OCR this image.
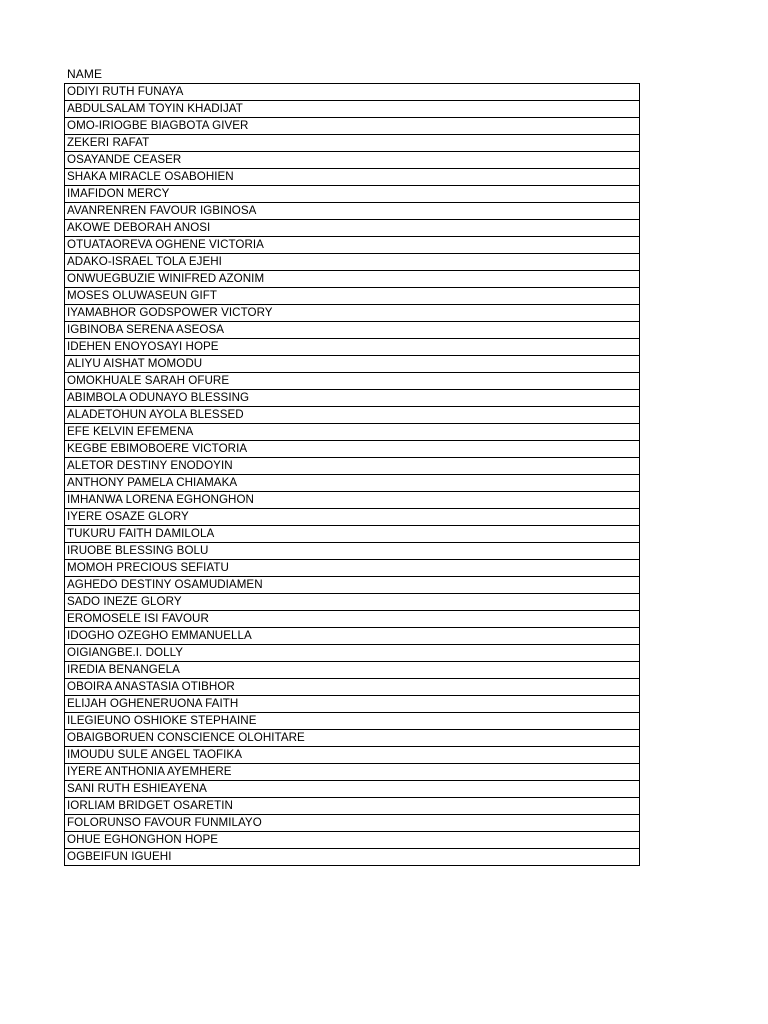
NAME
ODIYI RUTH FUNAYA
ABDULSALAM TOYIN KHADIJAT
OMO-IRIOGBE BIAGBOTA GIVER
ZEKERI RAFAT
OSAYANDE CEASER
SHAKA MIRACLE OSABOHIEN
IMAFIDON MERCY
AVANRENREN FAVOUR IGBINOSA
AKOWE DEBORAH ANOSI
OTUATAOREVA OGHENE VICTORIA
ADAKO-ISRAEL TOLA EJEHI
ONWUEGBUZIE WINIFRED AZONIM
MOSES OLUWASEUN GIFT
IYAMABHOR GODSPOWER VICTORY
IGBINOBA SERENA ASEOSA
IDEHEN ENOYOSAYI HOPE
ALIYU AISHAT MOMODU
OMOKHUALE SARAH OFURE
ABIMBOLA ODUNAYO BLESSING
ALADETOHUN AYOLA BLESSED
EFE KELVIN EFEMENA
KEGBE EBIMOBOERE VICTORIA
ALETOR DESTINY ENODOYIN
ANTHONY PAMELA CHIAMAKA
IMHANWA LORENA EGHONGHON
IYERE OSAZE GLORY
TUKURU FAITH DAMILOLA
IRUOBE BLESSING BOLU
MOMOH PRECIOUS SEFIATU
AGHEDO DESTINY OSAMUDIAMEN
SADO INEZE GLORY
EROMOSELE ISI FAVOUR
IDOGHO OZEGHO EMMANUELLA
OIGIANGBE.I. DOLLY
IREDIA BENANGELA
OBOIRA ANASTASIA OTIBHOR
ELIJAH OGHENERUONA FAITH
ILEGIEUNO OSHIOKE STEPHAINE
OBAIGBORUEN CONSCIENCE OLOHITARE
IMOUDU SULE ANGEL TAOFIKA
IYERE ANTHONIA AYEMHERE
SANI RUTH ESHIEAYENA
IORLIAM BRIDGET OSARETIN
FOLORUNSO FAVOUR FUNMILAYO
OHUE EGHONGHON HOPE
OGBEIFUN IGUEHI
